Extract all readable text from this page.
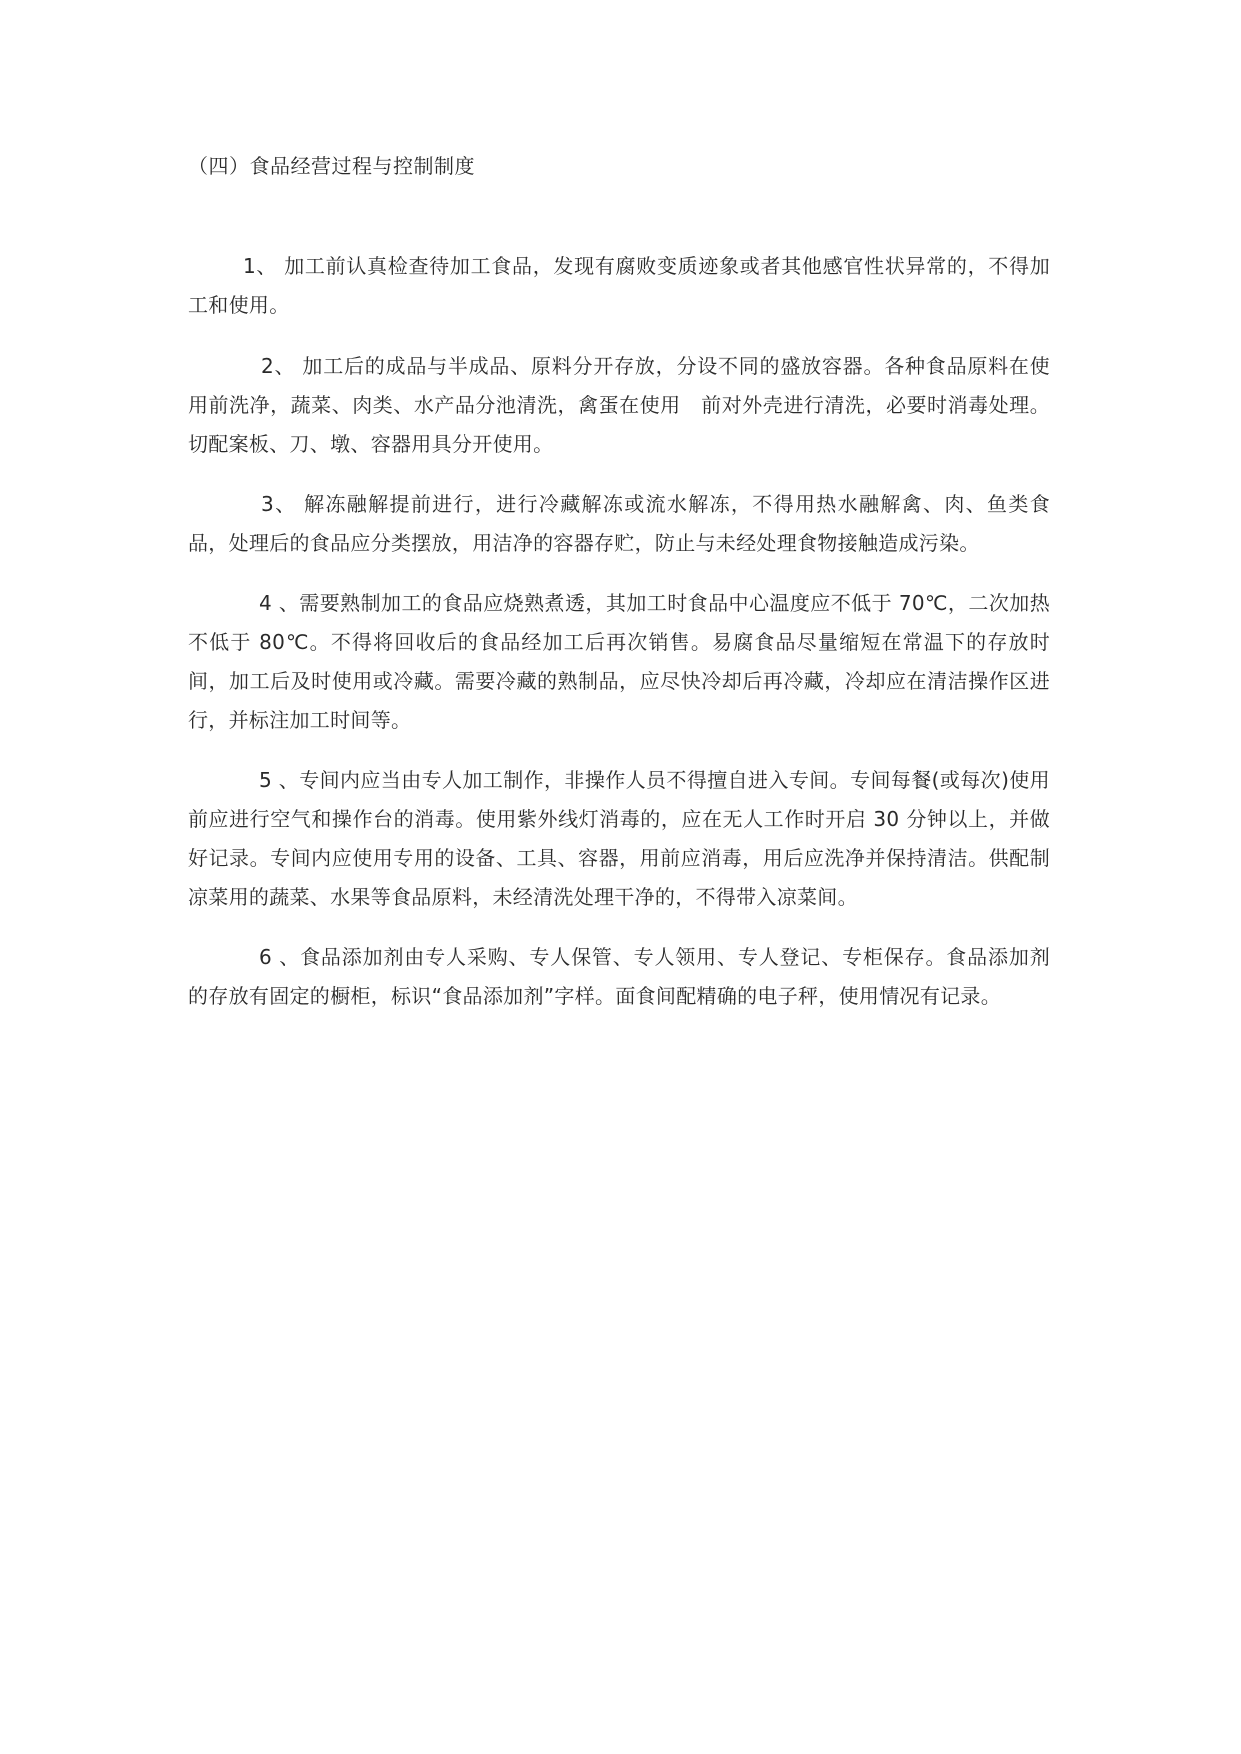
（四）食品经营过程与控制制度

1、 加工前认真检查待加工食品，发现有腐败变质迹象或者其他感官性状异常的，不得加工和使用。

2、 加工后的成品与半成品、原料分开存放，分设不同的盛放容器。各种食品原料在使用前洗净，蔬菜、肉类、水产品分池清洗，禽蛋在使用　前对外壳进行清洗，必要时消毒处理。切配案板、刀、墩、容器用具分开使用。

3、 解冻融解提前进行，进行冷藏解冻或流水解冻，不得用热水融解禽、肉、鱼类食品，处理后的食品应分类摆放，用洁净的容器存贮，防止与未经处理食物接触造成污染。

4 、需要熟制加工的食品应烧熟煮透，其加工时食品中心温度应不低于 70℃，二次加热不低于 80℃。不得将回收后的食品经加工后再次销售。易腐食品尽量缩短在常温下的存放时间，加工后及时使用或冷藏。需要冷藏的熟制品，应尽快冷却后再冷藏，冷却应在清洁操作区进行，并标注加工时间等。

5 、专间内应当由专人加工制作，非操作人员不得擅自进入专间。专间每餐(或每次)使用前应进行空气和操作台的消毒。使用紫外线灯消毒的，应在无人工作时开启 30 分钟以上，并做好记录。专间内应使用专用的设备、工具、容器，用前应消毒，用后应洗净并保持清洁。供配制凉菜用的蔬菜、水果等食品原料，未经清洗处理干净的，不得带入凉菜间。

6 、食品添加剂由专人采购、专人保管、专人领用、专人登记、专柜保存。食品添加剂的存放有固定的橱柜，标识“食品添加剂”字样。面食间配精确的电子秤，使用情况有记录。
